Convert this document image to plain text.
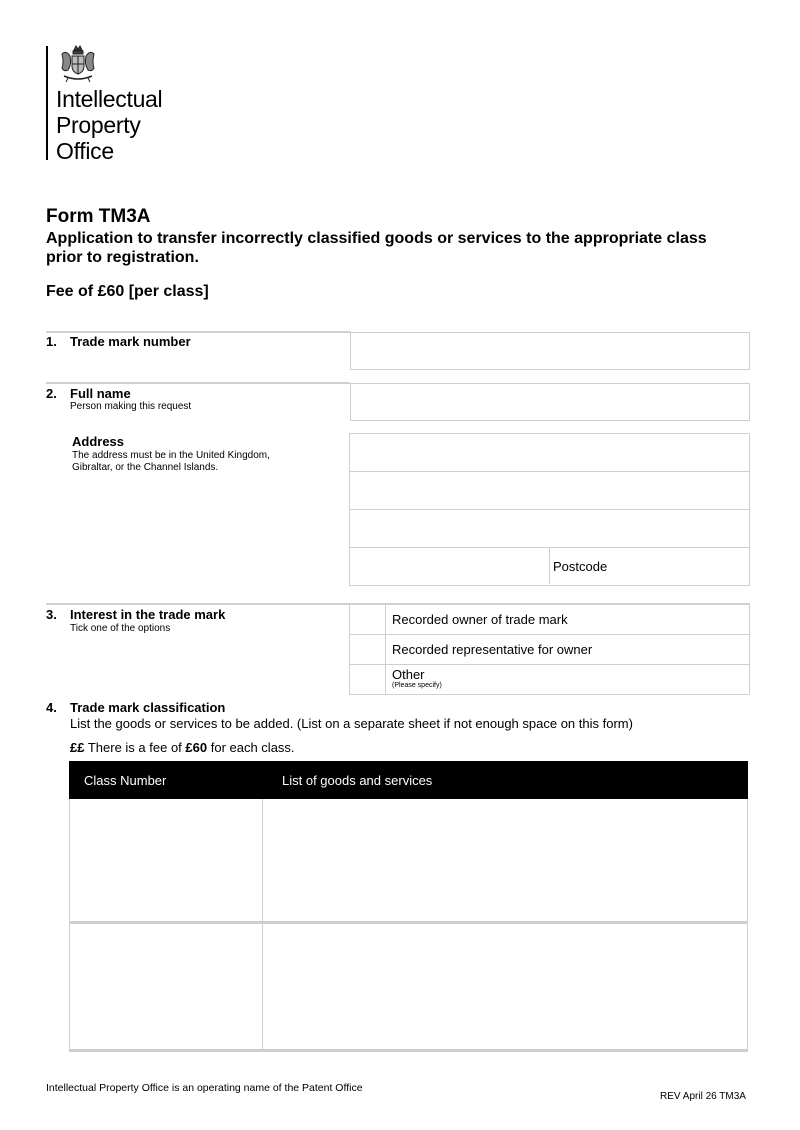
Intellectual
Property
Office
Form TM3A
Application to transfer incorrectly classified goods or services to the appropriate class prior to registration.
Fee of £60 [per class]
1. Trade mark number
2. Full name
Person making this request
Address
The address must be in the United Kingdom,
Gibraltar, or the Channel Islands.
Postcode
3. Interest in the trade mark
Tick one of the options
Recorded owner of trade mark
Recorded representative for owner
Other
(Please specify)
4. Trade mark classification
List the goods or services to be added. (List on a separate sheet if not enough space on this form)
££ There is a fee of £60 for each class.
Class Number	List of goods and services
Intellectual Property Office is an operating name of the Patent Office
REV April 26 TM3A
